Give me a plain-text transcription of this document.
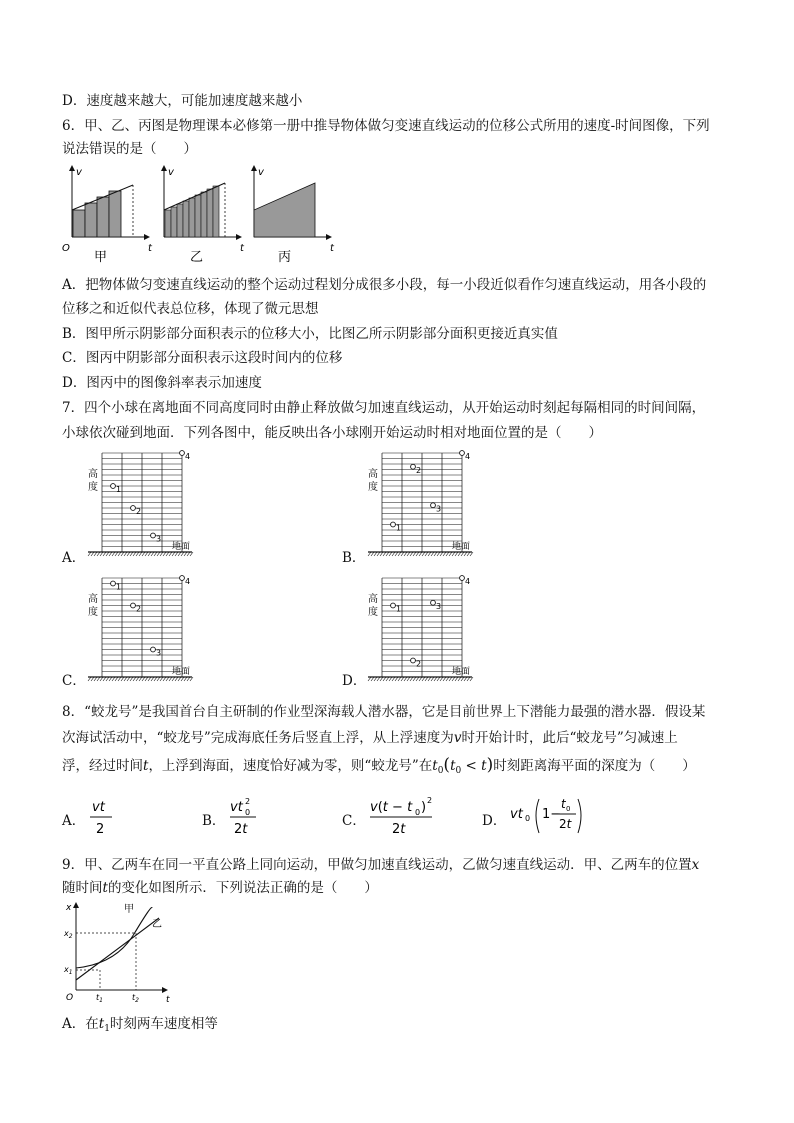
D．速度越来越大，可能加速度越来越小
6．甲、乙、丙图是物理课本必修第一册中推导物体做匀变速直线运动的位移公式所用的速度-时间图像，下列
说法错误的是（　　）
v
t
O
甲
v
t
乙
v
t
丙
A．把物体做匀变速直线运动的整个运动过程划分成很多小段，每一小段近似看作匀速直线运动，用各小段的
位移之和近似代表总位移，体现了微元思想
B．图甲所示阴影部分面积表示的位移大小，比图乙所示阴影部分面积更接近真实值
C．图丙中阴影部分面积表示这段时间内的位移
D．图丙中的图像斜率表示加速度
7．四个小球在离地面不同高度同时由静止释放做匀加速直线运动，从开始运动时刻起每隔相同的时间间隔，
小球依次碰到地面．下列各图中，能反映出各小球刚开始运动时相对地面位置的是（　　）
高
度
地面
1
2
3
4
高
度
地面
1
2
3
4
高
度
地面
1
2
3
4
高
度
地面
1
2
3
4
A．	B．
C．	D．
8．“蛟龙号”是我国首台自主研制的作业型深海载人潜水器，它是目前世界上下潜能力最强的潜水器．假设某
次海试活动中，“蛟龙号”完成海底任务后竖直上浮，从上浮速度为v时开始计时，此后“蛟龙号”匀减速上
浮，经过时间t，上浮到海面，速度恰好减为零，则“蛟龙号”在$t_0(t_0 < t)$时刻距离海平面的深度为（　　）
A．
vt
2
B．
vt 0
2
2t
C．
v(t − t 0 ) 2
2t
D． vt 0 1−
t 0
2t
9．甲、乙两车在同一平直公路上同向运动，甲做匀加速直线运动，乙做匀速直线运动．甲、乙两车的位置x
随时间t的变化如图所示．下列说法正确的是（　　）
x
t
O
$x_1$
$x_2$
$t_1$	$t_2$
甲
乙
A．在$t_1$时刻两车速度相等
